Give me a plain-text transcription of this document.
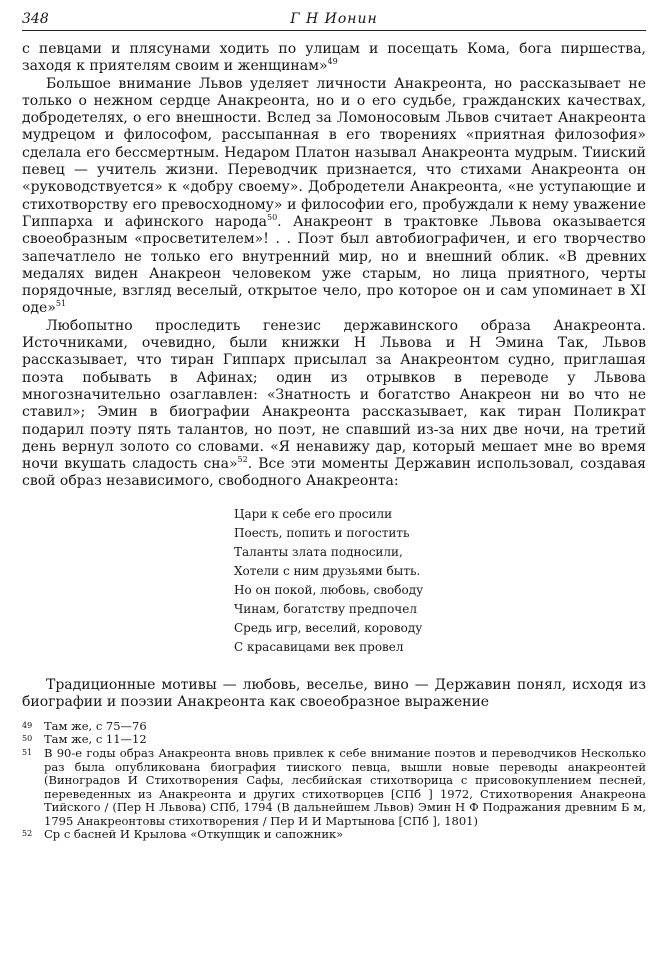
348	Г Н Ионин

с певцами и плясунами ходить по улицам и посещать Кома, бога пиршества, заходя к приятелям своим и женщинам»$^{49}$

Большое внимание Львов уделяет личности Анакреонта, но рассказывает не только о нежном сердце Анакреонта, но и о его судьбе, гражданских качествах, добродетелях, о его внешности. Вслед за Ломоносовым Львов считает Анакреонта мудрецом и философом, рассыпанная в его творениях «приятная филозофия» сделала его бессмертным. Недаром Платон называл Анакреонта мудрым. Тииский певец — учитель жизни. Переводчик признается, что стихами Анакреонта он «руководствуется» к «добру своему». Добродетели Анакреонта, «не уступающие и стихотворству его превосходному» и философии его, пробуждали к нему уважение Гиппарха и афинского народа$^{50}$. Анакреонт в трактовке Львова оказывается своеобразным «просветителем»! . . Поэт был автобиографичен, и его творчество запечатлело не только его внутренний мир, но и внешний облик. «В древних медалях виден Анакреон человеком уже старым, но лица приятного, черты порядочные, взгляд веселый, открытое чело, про которое он и сам упоминает в XI оде»$^{51}$

Любопытно проследить генезис державинского образа Анакреонта. Источниками, очевидно, были книжки Н Львова и Н Эмина Так, Львов рассказывает, что тиран Гиппарх присылал за Анакреонтом судно, приглашая поэта побывать в Афинах; один из отрывков в переводе у Львова многозначительно озаглавлен: «Знатность и богатство Анакреон ни во что не ставил»; Эмин в биографии Анакреонта рассказывает, как тиран Поликрат подарил поэту пять талантов, но поэт, не спавший из-за них две ночи, на третий день вернул золото со словами. «Я ненавижу дар, который мешает мне во время ночи вкушать сладость сна»$^{52}$. Все эти моменты Державин использовал, создавая свой образ независимого, свободного Анакреонта:

Цари к себе его просили
Поесть, попить и погостить
Таланты злата подносили,
Хотели с ним друзьями быть.
Но он покой, любовь, свободу
Чинам, богатству предпочел
Средь игр, веселий, короводу
С красавицами век провел

Традиционные мотивы — любовь, веселье, вино — Державин понял, исходя из биографии и поэзии Анакреонта как своеобразное выражение

49 Там же, с 75—76
50 Там же, с 11—12
51 В 90-е годы образ Анакреонта вновь привлек к себе внимание поэтов и переводчиков Несколько раз была опубликована биография тииского певца, вышли новые переводы анакреонтей (Виноградов И Стихотворения Сафы, лесбийская стихотворица с присовокуплением песней, переведенных из Анакреонта и других стихотворцев [СПб ] 1972, Стихотворения Анакреона Тийского / (Пер Н Львова) СПб, 1794 (В дальнейшем Львов) Эмин Н Ф Подражания древним Б м, 1795 Анакреонтовы стихотворения / Пер И И Мартынова [СПб ], 1801)
52 Ср с басней И Крылова «Откупщик и сапожник»
